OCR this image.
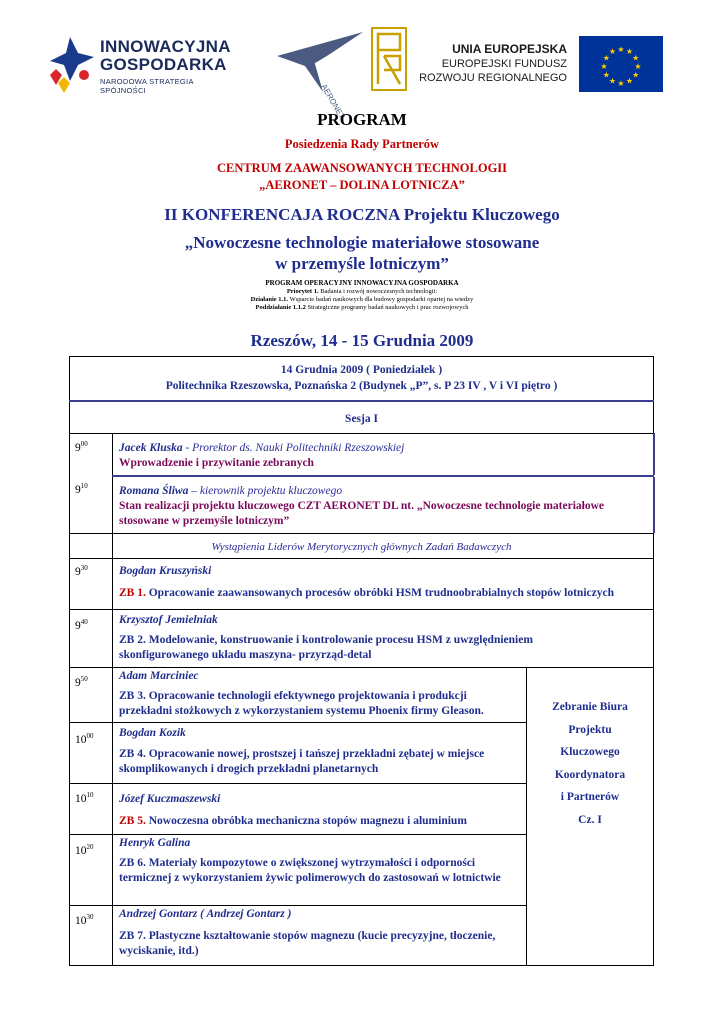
INNOWACYJNA
GOSPODARKA
NARODOWA STRATEGIA SPÓJNOŚCI	AERONET
UNIA EUROPEJSKA
EUROPEJSKI FUNDUSZ
ROZWOJU REGIONALNEGO
★ ★
★
★
★
★
★
★
★
★
★
★
PROGRAM
Posiedzenia Rady Partnerów
CENTRUM ZAAWANSOWANYCH TECHNOLOGII
„AERONET – DOLINA LOTNICZA”
II KONFERENCAJA ROCZNA Projektu Kluczowego
„Nowoczesne technologie materiałowe stosowane
w przemyśle lotniczym”
PROGRAM OPERACYJNY INNOWACYJNA GOSPODARKA
Priorytet 1. Badania i rozwój nowoczesnych technologii:
Działanie 1.1. Wsparcie badań naukowych dla budowy gospodarki opartej na wiedzy
Poddziałanie 1.1.2 Strategiczne programy badań naukowych i prac rozwojowych
Rzeszów, 14 - 15 Grudnia 2009
14 Grudnia 2009 ( Poniedziałek )
Politechnika Rzeszowska, Poznańska 2 (Budynek „P”, s. P 23 IV , V i VI piętro )
Sesja I
$9^{00}$	Jacek Kluska - Prorektor ds. Nauki Politechniki Rzeszowskiej
Wprowadzenie i przywitanie zebranych
$9^{10}$	Romana Śliwa – kierownik projektu kluczowego
Stan realizacji projektu kluczowego CZT AERONET DL nt. „Nowoczesne technologie materiałowe stosowane w przemyśle lotniczym”
Wystąpienia Liderów Merytorycznych głównych Zadań Badawczych
$9^{30}$	Bogdan Kruszyński
ZB 1. Opracowanie zaawansowanych procesów obróbki HSM trudnoobrabialnych stopów lotniczych
$9^{40}$	Krzysztof Jemielniak
ZB 2. Modelowanie, konstruowanie i kontrolowanie procesu HSM z uwzględnieniem skonfigurowanego układu maszyna- przyrząd-detal
Zebranie Biura
Projektu
Kluczowego
Koordynatora
i Partnerów
Cz. I
$9^{50}$	Adam Marciniec
ZB 3. Opracowanie technologii efektywnego projektowania i produkcji przekładni stożkowych z wykorzystaniem systemu Phoenix firmy Gleason.
$10^{00}$ Bogdan Kozik
ZB 4. Opracowanie nowej, prostszej i tańszej przekładni zębatej w miejsce skomplikowanych i drogich przekładni planetarnych
$10^{10}$ Józef Kuczmaszewski
ZB 5. Nowoczesna obróbka mechaniczna stopów magnezu i aluminium
$10^{20}$ Henryk Galina
ZB 6. Materiały kompozytowe o zwiększonej wytrzymałości i odporności termicznej z wykorzystaniem żywic polimerowych do zastosowań w lotnictwie
$10^{30}$ Andrzej Gontarz ( Andrzej Gontarz )
ZB 7. Plastyczne kształtowanie stopów magnezu (kucie precyzyjne, tłoczenie, wyciskanie, itd.)
